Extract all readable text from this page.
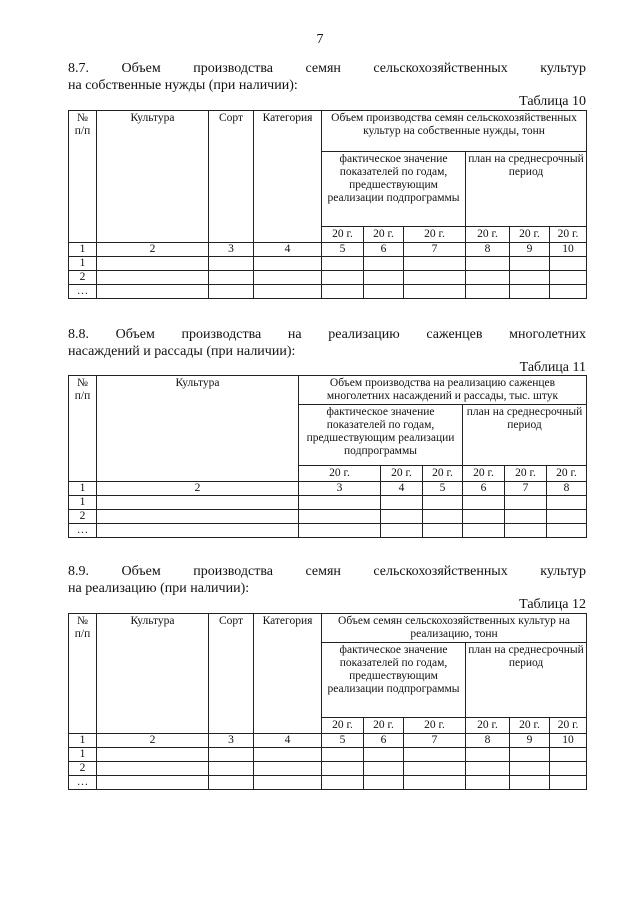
7
8.7. Объем производства семян сельскохозяйственных культур
на собственные нужды (при наличии):
Таблица 10
№ п/п	Культура	Сорт	Категория	Объем производства семян сельскохозяйственных культур на собственные нужды, тонн					
				фактическое значение показателей по годам, предшествующим реализации подпрограммы			план на среднесрочный период		
				20 г.	20 г.	20 г.	20 г.	20 г.	20 г.
1	2	3	4	5	6	7	8	9	10
1									
2									
…									
8.8. Объем производства на реализацию саженцев многолетних
насаждений и рассады (при наличии):
Таблица 11
№ п/п	Культура	Объем производства на реализацию саженцев многолетних насаждений и рассады, тыс. штук					
		фактическое значение показателей по годам, предшествующим реализации подпрограммы			план на среднесрочный период		
		20 г.	20 г.	20 г.	20 г.	20 г.	20 г.
1	2	3	4	5	6	7	8
1							
2							
…							
8.9. Объем производства семян сельскохозяйственных культур
на реализацию (при наличии):
Таблица 12
№ п/п	Культура	Сорт	Категория	Объем семян сельскохозяйственных культур на реализацию, тонн					
				фактическое значение показателей по годам, предшествующим реализации подпрограммы			план на среднесрочный период		
				20 г.	20 г.	20 г.	20 г.	20 г.	20 г.
1	2	3	4	5	6	7	8	9	10
1									
2									
…									
